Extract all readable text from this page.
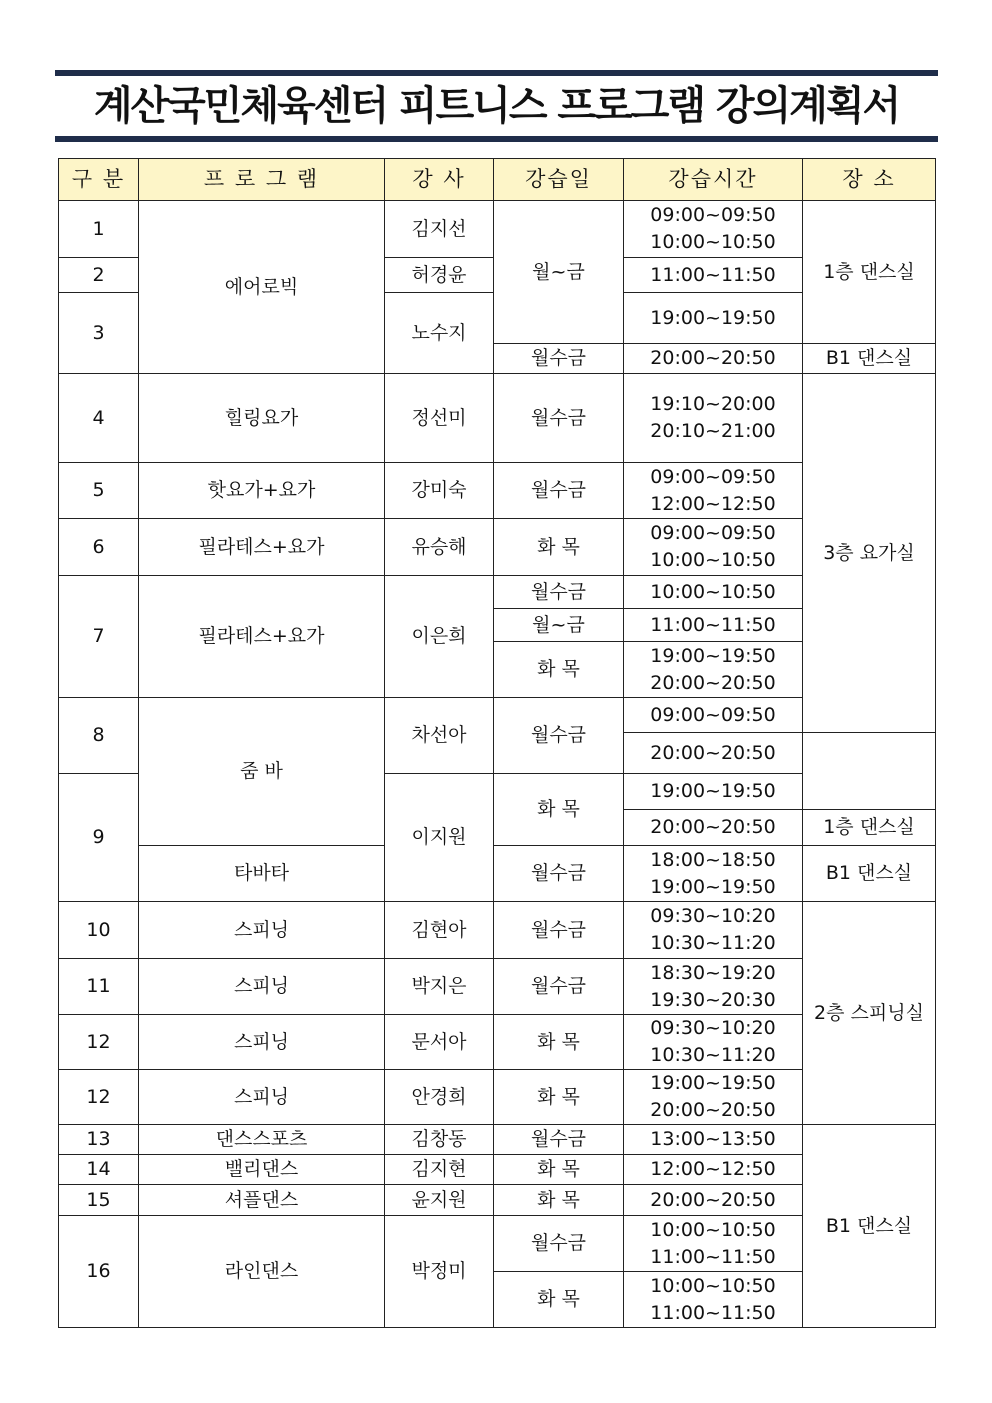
계산국민체육센터 피트니스 프로그램 강의계획서
구 분	프 로 그 램	강 사	강습일	강습시간	장 소	
1	에어로빅	김지선	월~금	09:00~09:50
10:00~10:50	1층 댄스실	
2		허경윤		11:00~11:50		
3		노수지		19:00~19:50		
			월수금	20:00~20:50	B1 댄스실	
4	힐링요가	정선미	월수금	19:10~20:00
20:10~21:00	3층 요가실	
5	핫요가+요가	강미숙	월수금	09:00~09:50
12:00~12:50		

6	필라테스+요가	유승해	화 목	09:00~09:50
10:00~10:50		

7	필라테스+요가	이은희	월수금	10:00~10:50		
			월~금	11:00~11:50		
			화 목	19:00~19:50
20:00~20:50		

8	줌 바	차선아	월수금	09:00~09:50	
				20:00~20:50		
9		이지원	화 목	19:00~19:50		
				20:00~20:50	1층 댄스실	
	타바타		월수금	18:00~18:50
19:00~19:50	B1 댄스실	
10	스피닝	김현아	월수금	09:30~10:20
10:30~11:20	2층 스피닝실	
11	스피닝	박지은	월수금	18:30~19:20
19:30~20:30		

12	스피닝	문서아	화 목	09:30~10:20
10:30~11:20		

12	스피닝	안경희	화 목	19:00~19:50
20:00~20:50		

13	댄스스포츠	김창동	월수금	13:00~13:50	B1 댄스실	
14	밸리댄스	김지현	화 목	12:00~12:50		
15	셔플댄스	윤지원	화 목	20:00~20:50		
16	라인댄스	박정미	월수금	10:00~10:50
11:00~11:50		

			화 목	10:00~10:50
11:00~11:50		
